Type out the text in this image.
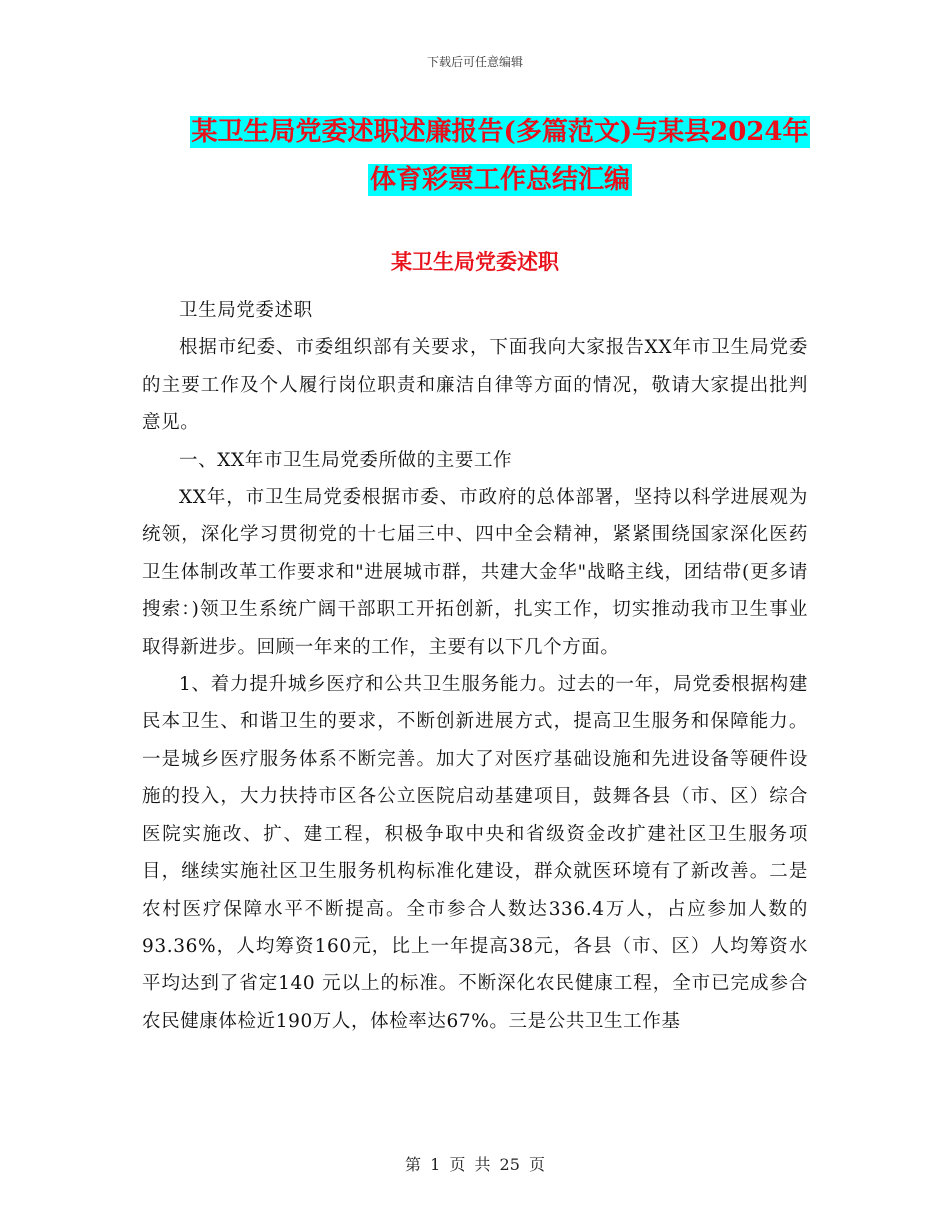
下载后可任意编辑
某卫生局党委述职述廉报告(多篇范文)与某县2024年
体育彩票工作总结汇编
某卫生局党委述职

卫生局党委述职

根据市纪委、市委组织部有关要求，下面我向大家报告XX年市卫生局党委的主要工作及个人履行岗位职责和廉洁自律等方面的情况，敬请大家提出批判意见。

一、XX年市卫生局党委所做的主要工作

XX年，市卫生局党委根据市委、市政府的总体部署，坚持以科学进展观为统领，深化学习贯彻党的十七届三中、四中全会精神，紧紧围绕国家深化医药卫生体制改革工作要求和"进展城市群，共建大金华"战略主线，团结带(更多请搜索：)领卫生系统广阔干部职工开拓创新，扎实工作，切实推动我市卫生事业取得新进步。回顾一年来的工作，主要有以下几个方面。

1、着力提升城乡医疗和公共卫生服务能力。过去的一年，局党委根据构建民本卫生、和谐卫生的要求，不断创新进展方式，提高卫生服务和保障能力。一是城乡医疗服务体系不断完善。加大了对医疗基础设施和先进设备等硬件设施的投入，大力扶持市区各公立医院启动基建项目，鼓舞各县（市、区）综合医院实施改、扩、建工程，积极争取中央和省级资金改扩建社区卫生服务项目，继续实施社区卫生服务机构标准化建设，群众就医环境有了新改善。二是农村医疗保障水平不断提高。全市参合人数达336.4万人，占应参加人数的93.36%，人均筹资160元，比上一年提高38元，各县（市、区）人均筹资水平均达到了省定140 元以上的标准。不断深化农民健康工程，全市已完成参合农民健康体检近190万人，体检率达67%。三是公共卫生工作基

第 1 页 共 25 页
